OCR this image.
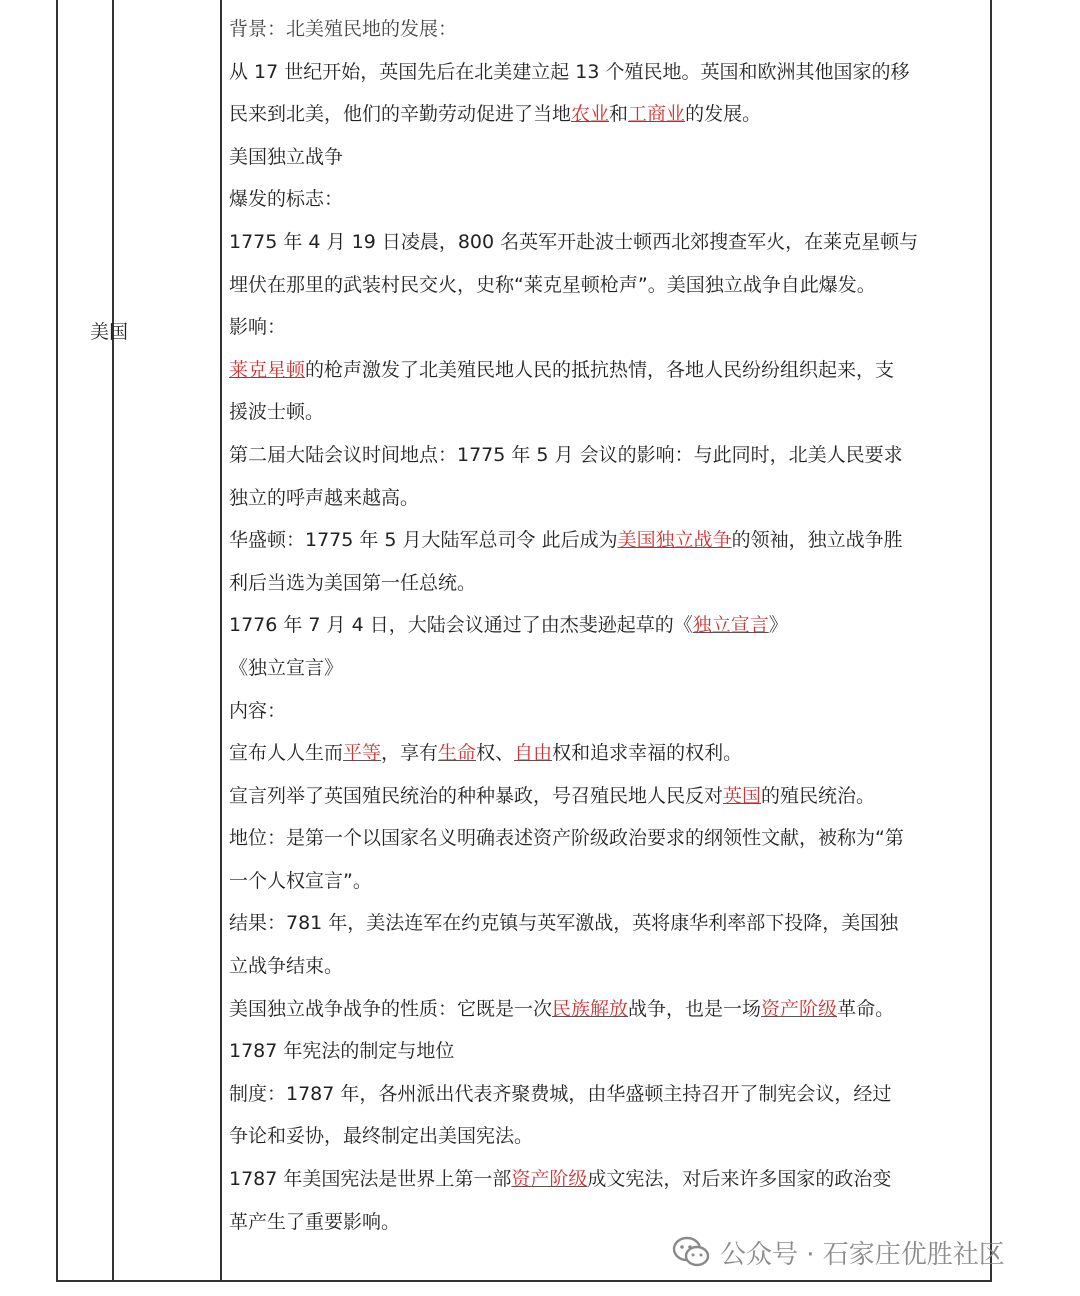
美国

背景：北美殖民地的发展：

从 17 世纪开始，英国先后在北美建立起 13 个殖民地。英国和欧洲其他国家的移

民来到北美，他们的辛勤劳动促进了当地农业和工商业的发展。

美国独立战争

爆发的标志：

1775 年 4 月 19 日凌晨，800 名英军开赴波士顿西北郊搜查军火，在莱克星顿与

埋伏在那里的武装村民交火，史称“莱克星顿枪声”。美国独立战争自此爆发。

影响：

莱克星顿的枪声激发了北美殖民地人民的抵抗热情，各地人民纷纷组织起来，支

援波士顿。

第二届大陆会议时间地点：1775 年 5 月 会议的影响：与此同时，北美人民要求

独立的呼声越来越高。

华盛顿：1775 年 5 月大陆军总司令 此后成为美国独立战争的领袖，独立战争胜

利后当选为美国第一任总统。

1776 年 7 月 4 日，大陆会议通过了由杰斐逊起草的《独立宣言》

《独立宣言》

内容：

宣布人人生而平等，享有生命权、自由权和追求幸福的权利。

宣言列举了英国殖民统治的种种暴政，号召殖民地人民反对英国的殖民统治。

地位：是第一个以国家名义明确表述资产阶级政治要求的纲领性文献，被称为“第

一个人权宣言”。

结果：781 年，美法连军在约克镇与英军激战，英将康华利率部下投降，美国独

立战争结束。

美国独立战争战争的性质：它既是一次民族解放战争，也是一场资产阶级革命。

1787 年宪法的制定与地位

制度：1787 年，各州派出代表齐聚费城，由华盛顿主持召开了制宪会议，经过

争论和妥协，最终制定出美国宪法。

1787 年美国宪法是世界上第一部资产阶级成文宪法，对后来许多国家的政治变

革产生了重要影响。

公众号 · 石家庄优胜社区
